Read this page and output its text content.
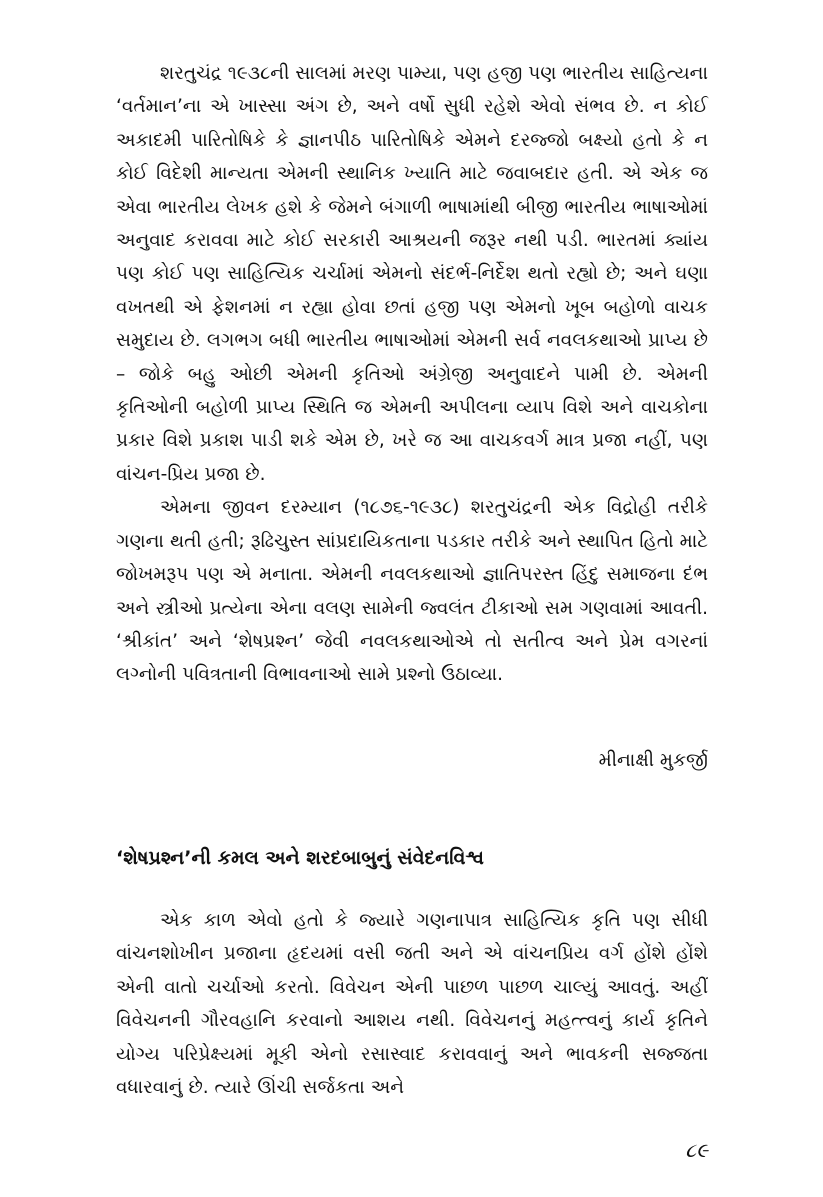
શરતુચંદ્ર ૧૯૩૮ની સાલમાં મરણ પામ્યા, પણ હજી પણ ભારતીય સાહિત્યના ‘વર્તમાન’ના એ ખાસ્સા અંગ છે, અને વર્ષો સુધી રહેશે એવો સંભવ છે. ન કોઈ અકાદમી પારિતોષિકે કે જ્ઞાનપીઠ પારિતોષિકે એમને દરજ્જો બક્ષ્યો હતો કે ન કોઈ વિદેશી માન્યતા એમની સ્થાનિક ખ્યાતિ માટે જવાબદાર હતી. એ એક જ એવા ભારતીય લેખક હશે કે જેમને બંગાળી ભાષામાંથી બીજી ભારતીય ભાષાઓમાં અનુવાદ કરાવવા માટે કોઈ સરકારી આશ્રયની જરૂર નથી પડી. ભારતમાં ક્યાંય પણ કોઈ પણ સાહિત્યિક ચર્ચામાં એમનો સંદર્ભ-નિર્દેશ થતો રહ્યો છે; અને ઘણા વખતથી એ ફેશનમાં ન રહ્યા હોવા છતાં હજી પણ એમનો ખૂબ બહોળો વાચક સમુદાય છે. લગભગ બધી ભારતીય ભાષાઓમાં એમની સર્વ નવલકથાઓ પ્રાપ્ય છે – જોકે બહુ ઓછી એમની કૃતિઓ અંગ્રેજી અનુવાદને પામી છે. એમની કૃતિઓની બહોળી પ્રાપ્ય સ્થિતિ જ એમની અપીલના વ્યાપ વિશે અને વાચકોના પ્રકાર વિશે પ્રકાશ પાડી શકે એમ છે, ખરે જ આ વાચકવર્ગ માત્ર પ્રજા નહીં, પણ વાંચન-પ્રિય પ્રજા છે.

એમના જીવન દરમ્યાન (૧૮૭૬-૧૯૩૮) શરતુચંદ્રની એક વિદ્રોહી તરીકે ગણના થતી હતી; રૂઢિચુસ્ત સાંપ્રદાયિકતાના પડકાર તરીકે અને સ્થાપિત હિતો માટે જોખમરૂપ પણ એ મનાતા. એમની નવલકથાઓ જ્ઞાતિપરસ્ત હિંદુ સમાજના દંભ અને સ્ત્રીઓ પ્રત્યેના એના વલણ સામેની જ્વલંત ટીકાઓ સમ ગણવામાં આવતી. ‘શ્રીકાંત’ અને ‘શેષપ્રશ્ન’ જેવી નવલકથાઓએ તો સતીત્વ અને પ્રેમ વગરનાં લગ્નોની પવિત્રતાની વિભાવનાઓ સામે પ્રશ્નો ઉઠાવ્યા.

મીનાક્ષી મુકર્જી
‘શેષપ્રશ્ન’ની કમલ અને શરદબાબુનું સંવેદનવિશ્વ

એક કાળ એવો હતો કે જ્યારે ગણનાપાત્ર સાહિત્યિક કૃતિ પણ સીધી વાંચનશોખીન પ્રજાના હૃદયમાં વસી જતી અને એ વાંચનપ્રિય વર્ગ હોંશે હોંશે એની વાતો ચર્ચાઓ કરતો. વિવેચન એની પાછળ પાછળ ચાલ્યું આવતું. અહીં વિવેચનની ગૌરવહાનિ કરવાનો આશય નથી. વિવેચનનું મહત્ત્વનું કાર્ય કૃતિને યોગ્ય પરિપ્રેક્ષ્યમાં મૂકી એનો રસાસ્વાદ કરાવવાનું અને ભાવકની સજ્જતા વધારવાનું છે. ત્યારે ઊંચી સર્જકતા અને

૮૯
